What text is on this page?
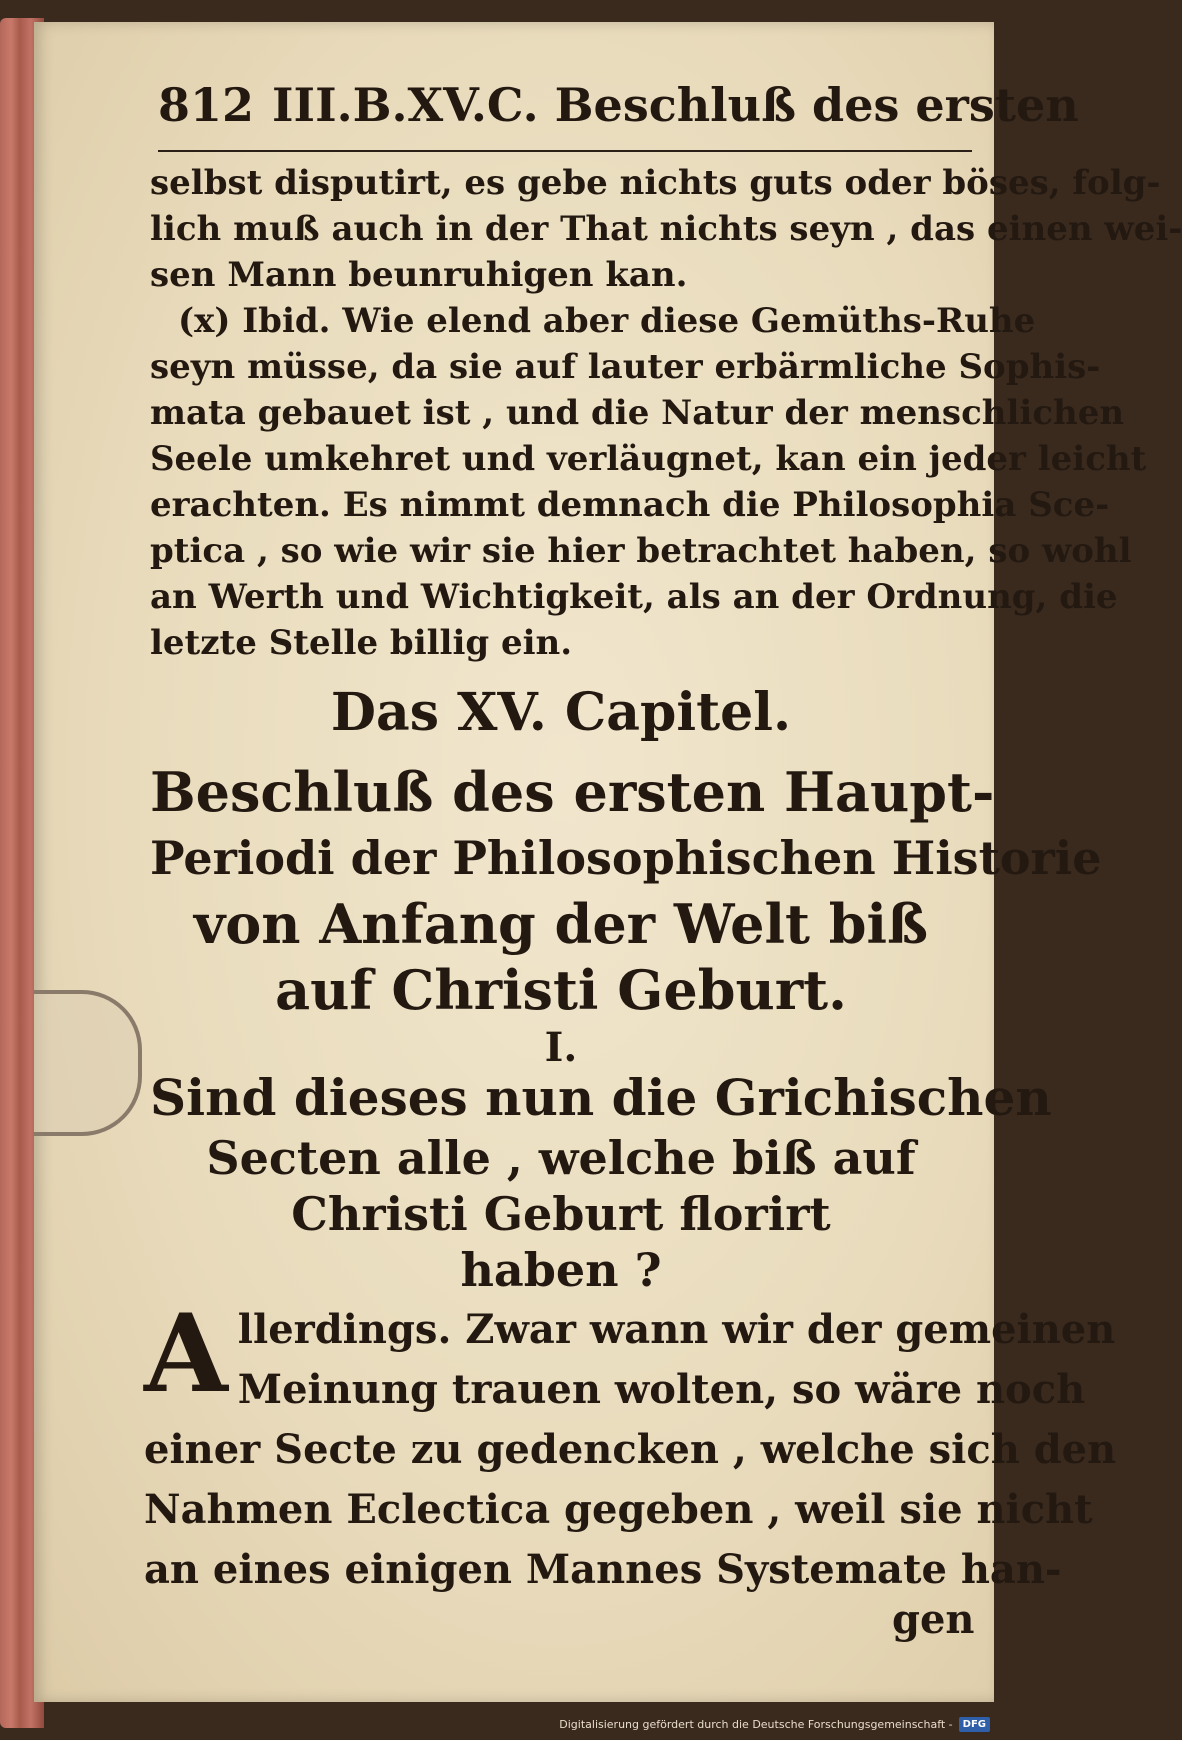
812 III.B.XV.C. Beschluß des ersten
selbst disputirt, es gebe nichts guts oder böses, folg-
lich muß auch in der That nichts seyn , das einen wei-
sen Mann beunruhigen kan.
(x) Ibid. Wie elend aber diese Gemüths-Ruhe
seyn müsse, da sie auf lauter erbärmliche Sophis-
mata gebauet ist , und die Natur der menschlichen
Seele umkehret und verläugnet, kan ein jeder leicht
erachten. Es nimmt demnach die Philosophia Sce-
ptica , so wie wir sie hier betrachtet haben, so wohl
an Werth und Wichtigkeit, als an der Ordnung, die
letzte Stelle billig ein.
Das XV. Capitel.
Beschluß des ersten Haupt-
Periodi der Philosophischen Historie
von Anfang der Welt biß
auf Christi Geburt.
I.
Sind dieses nun die Grichischen
Secten alle , welche biß auf
Christi Geburt florirt
haben ?
A llerdings. Zwar wann wir der gemeinen
Meinung trauen wolten, so wäre noch
einer Secte zu gedencken , welche sich den
Nahmen Eclectica gegeben , weil sie nicht
an eines einigen Mannes Systemate han-
gen
Digitalisierung gefördert durch die Deutsche Forschungsgemeinschaft -	DFG
